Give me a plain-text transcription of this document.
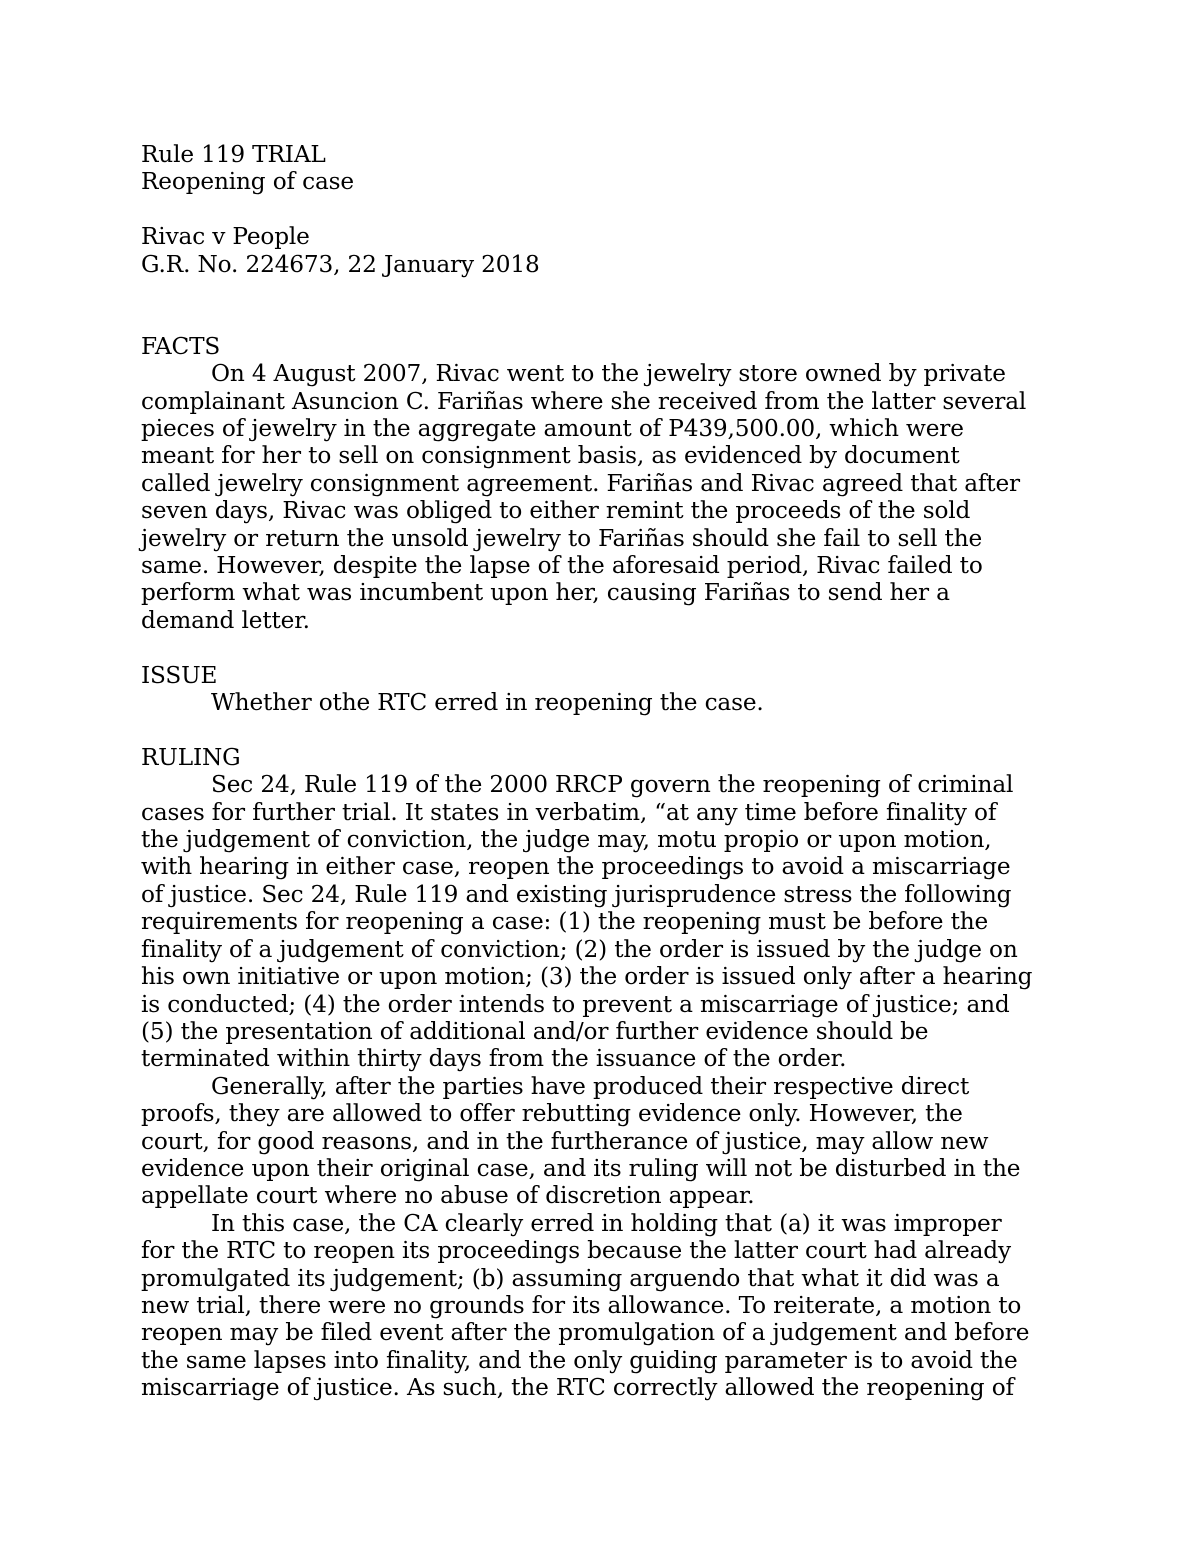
Rule 119 TRIAL
Reopening of case
Rivac v People
G.R. No. 224673, 22 January 2018
FACTS
On 4 August 2007, Rivac went to the jewelry store owned by private
complainant Asuncion C. Fariñas where she received from the latter several
pieces of jewelry in the aggregate amount of P439,500.00, which were
meant for her to sell on consignment basis, as evidenced by document
called jewelry consignment agreement. Fariñas and Rivac agreed that after
seven days, Rivac was obliged to either remint the proceeds of the sold
jewelry or return the unsold jewelry to Fariñas should she fail to sell the
same. However, despite the lapse of the aforesaid period, Rivac failed to
perform what was incumbent upon her, causing Fariñas to send her a
demand letter.
ISSUE
Whether othe RTC erred in reopening the case.
RULING
Sec 24, Rule 119 of the 2000 RRCP govern the reopening of criminal
cases for further trial. It states in verbatim, “at any time before finality of
the judgement of conviction, the judge may, motu propio or upon motion,
with hearing in either case, reopen the proceedings to avoid a miscarriage
of justice. Sec 24, Rule 119 and existing jurisprudence stress the following
requirements for reopening a case: (1) the reopening must be before the
finality of a judgement of conviction; (2) the order is issued by the judge on
his own initiative or upon motion; (3) the order is issued only after a hearing
is conducted; (4) the order intends to prevent a miscarriage of justice; and
(5) the presentation of additional and/or further evidence should be
terminated within thirty days from the issuance of the order.
Generally, after the parties have produced their respective direct
proofs, they are allowed to offer rebutting evidence only. However, the
court, for good reasons, and in the furtherance of justice, may allow new
evidence upon their original case, and its ruling will not be disturbed in the
appellate court where no abuse of discretion appear.
In this case, the CA clearly erred in holding that (a) it was improper
for the RTC to reopen its proceedings because the latter court had already
promulgated its judgement; (b) assuming arguendo that what it did was a
new trial, there were no grounds for its allowance. To reiterate, a motion to
reopen may be filed event after the promulgation of a judgement and before
the same lapses into finality, and the only guiding parameter is to avoid the
miscarriage of justice. As such, the RTC correctly allowed the reopening of
